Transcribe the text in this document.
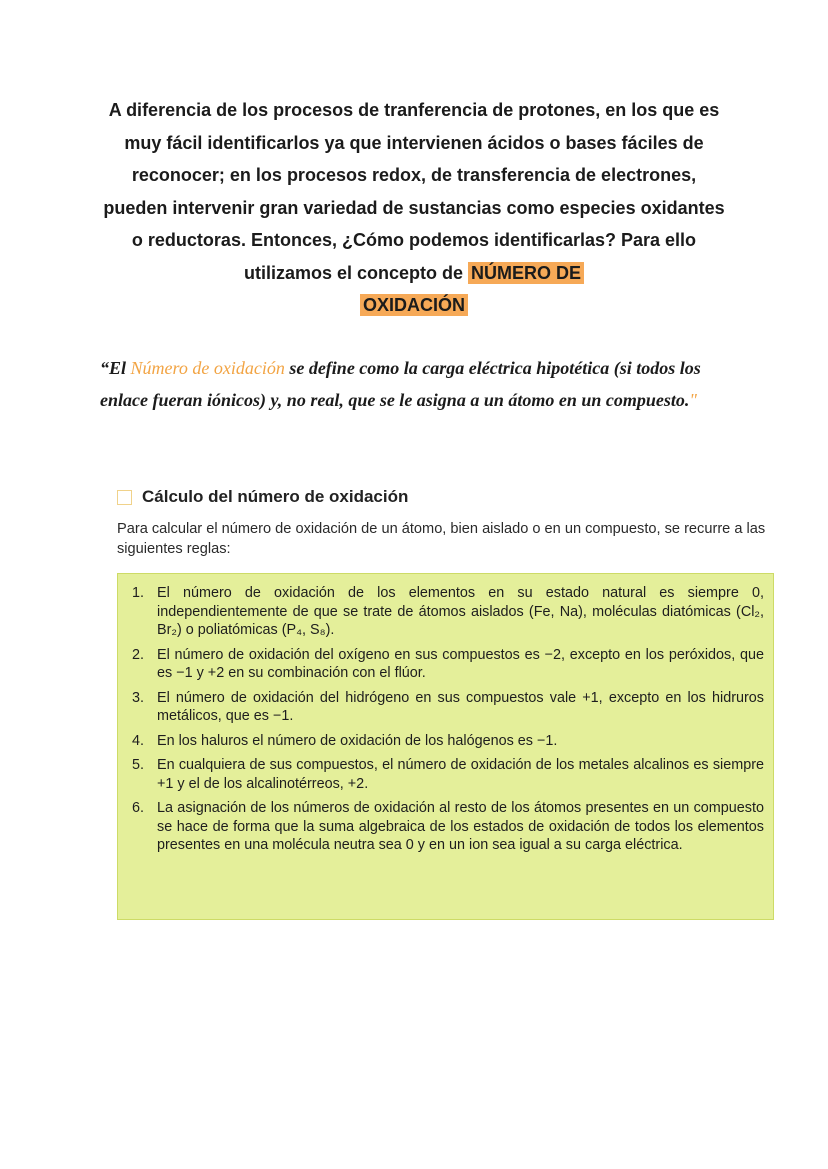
A diferencia de los procesos de tranferencia de protones, en los que es muy fácil identificarlos ya que intervienen ácidos o bases fáciles de reconocer; en los procesos redox, de transferencia de electrones, pueden intervenir gran variedad de sustancias como especies oxidantes o reductoras. Entonces, ¿Cómo podemos identificarlas? Para ello utilizamos el concepto de NÚMERO DE
OXIDACIÓN
“El Número de oxidación se define como la carga eléctrica hipotética (si todos los enlace fueran iónicos) y, no real, que se le asigna a un átomo en un compuesto."
Cálculo del número de oxidación
Para calcular el número de oxidación de un átomo, bien aislado o en un compuesto, se recurre a las siguientes reglas:
1. El número de oxidación de los elementos en su estado natural es siempre 0, independientemente de que se trate de átomos aislados (Fe, Na), moléculas diatómicas (Cl₂, Br₂) o poliatómicas (P₄, S₈).
2. El número de oxidación del oxígeno en sus compuestos es −2, excepto en los peróxidos, que es −1 y +2 en su combinación con el flúor.
3. El número de oxidación del hidrógeno en sus compuestos vale +1, excepto en los hidruros metálicos, que es −1.
4. En los haluros el número de oxidación de los halógenos es −1.
5. En cualquiera de sus compuestos, el número de oxidación de los metales alcalinos es siempre +1 y el de los alcalinotérreos, +2.
6. La asignación de los números de oxidación al resto de los átomos presentes en un compuesto se hace de forma que la suma algebraica de los estados de oxidación de todos los elementos presentes en una molécula neutra sea 0 y en un ion sea igual a su carga eléctrica.
